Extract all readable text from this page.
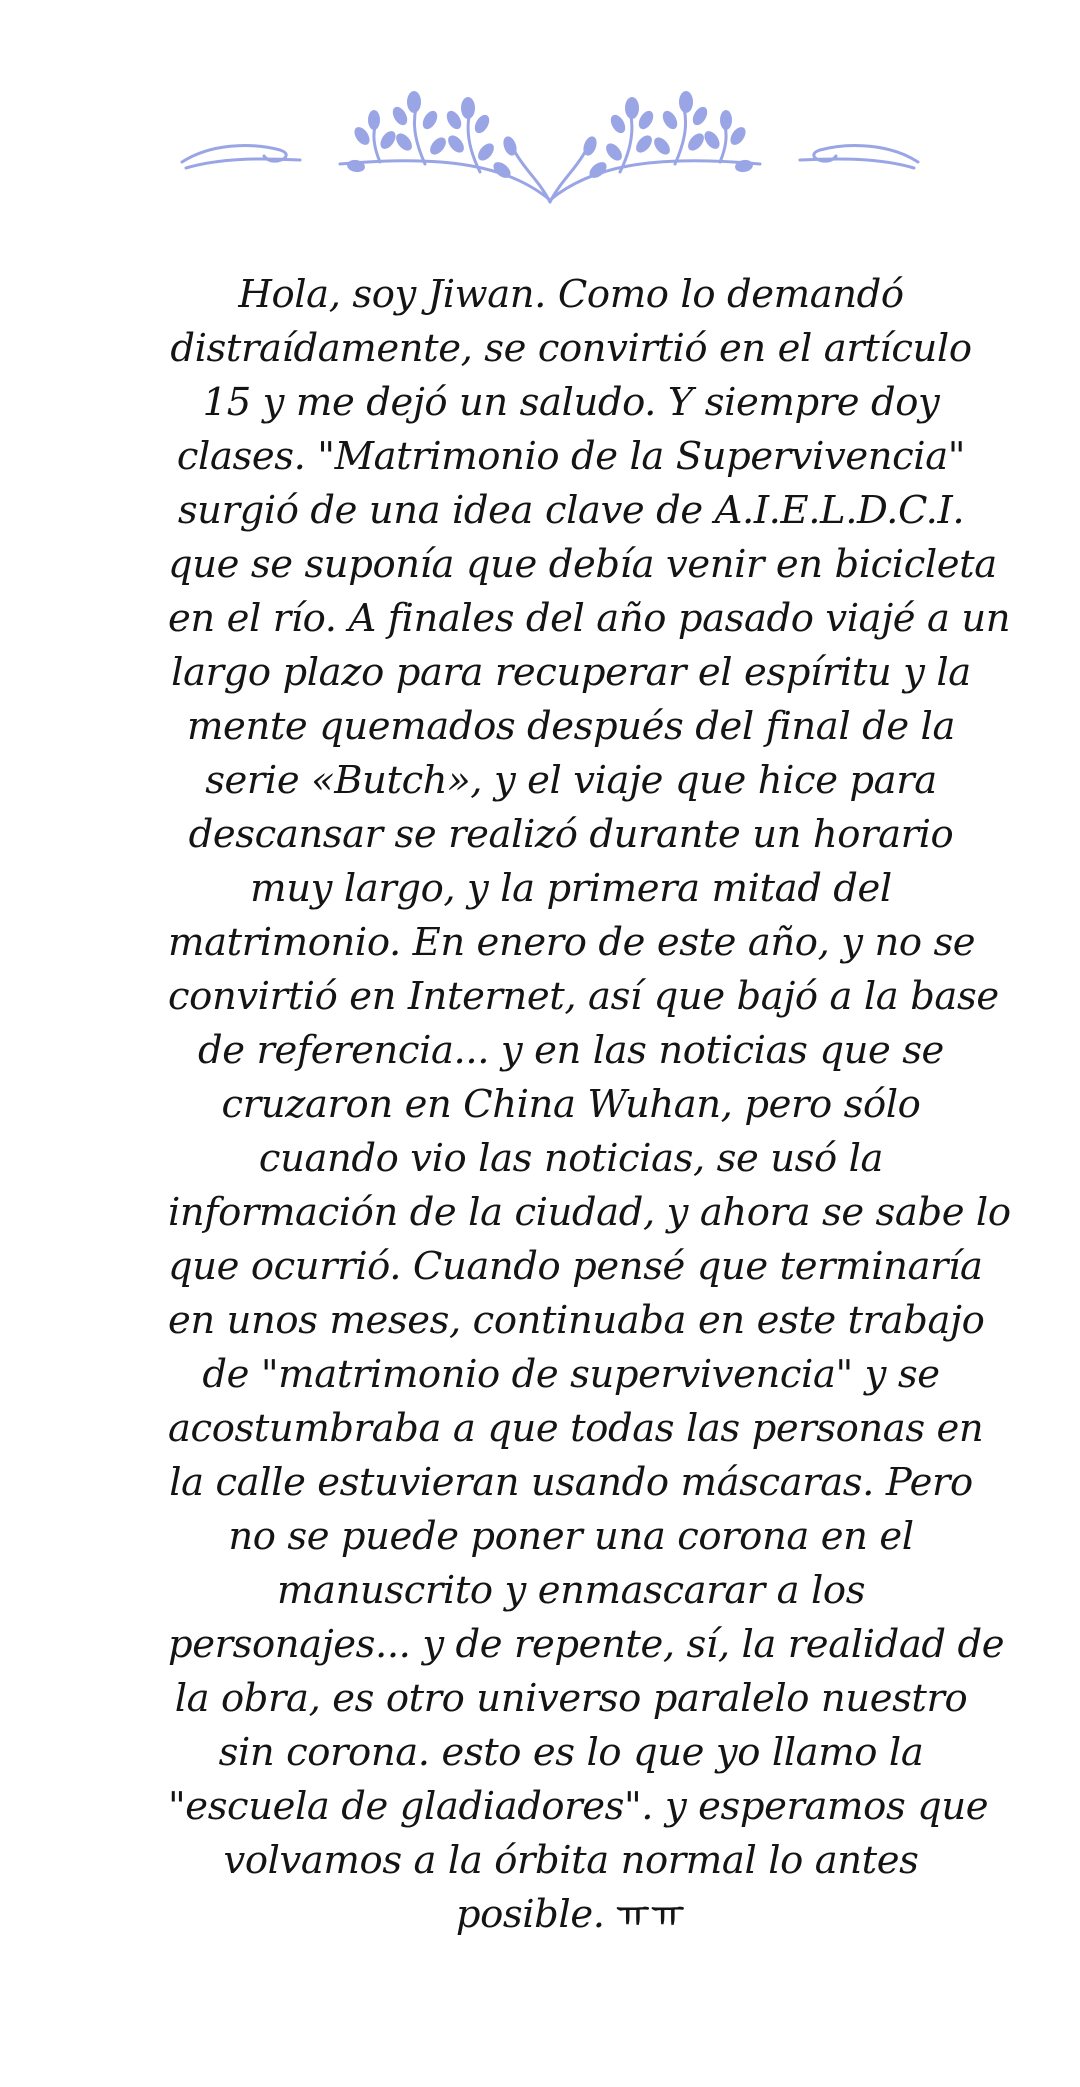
Hola, soy Jiwan. Como lo demandó
distraídamente, se convirtió en el artículo
15 y me dejó un saludo. Y siempre doy
clases. "Matrimonio de la Supervivencia"
surgió de una idea clave de A.I.E.L.D.C.I.
que se suponía que debía venir en bicicleta
en el río. A finales del año pasado viajé a un
largo plazo para recuperar el espíritu y la
mente quemados después del final de la
serie «Butch», y el viaje que hice para
descansar se realizó durante un horario
muy largo, y la primera mitad del
matrimonio. En enero de este año, y no se
convirtió en Internet, así que bajó a la base
de referencia... y en las noticias que se
cruzaron en China Wuhan, pero sólo
cuando vio las noticias, se usó la
información de la ciudad, y ahora se sabe lo
que ocurrió. Cuando pensé que terminaría
en unos meses, continuaba en este trabajo
de "matrimonio de supervivencia" y se
acostumbraba a que todas las personas en
la calle estuvieran usando máscaras. Pero
no se puede poner una corona en el
manuscrito y enmascarar a los
personajes... y de repente, sí, la realidad de
la obra, es otro universo paralelo nuestro
sin corona. esto es lo que yo llamo la
"escuela de gladiadores". y esperamos que
volvamos a la órbita normal lo antes
posible. ㅠㅠ
